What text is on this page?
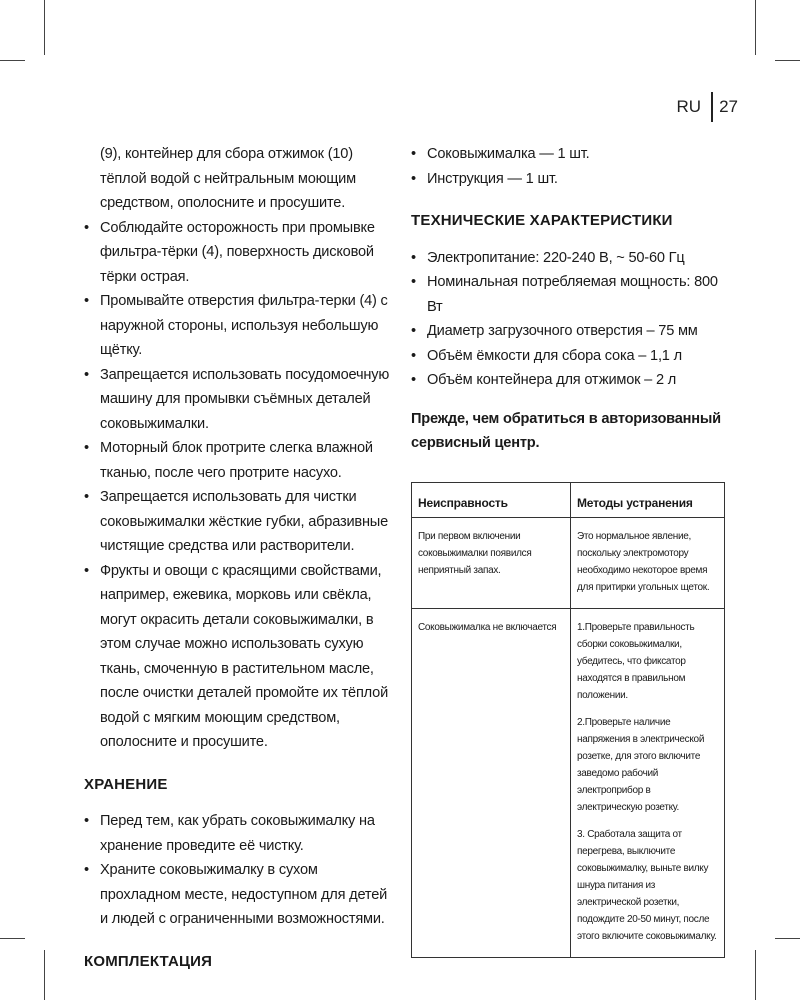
RU 27
(9), контейнер для сбора отжимок (10) тёплой водой с нейтральным моющим средством, ополосните и просушите.
• Соблюдайте осторожность при промывке фильтра-тёрки (4), поверхность дисковой тёрки острая.
• Промывайте отверстия фильтра-терки (4) с наружной стороны, используя небольшую щётку.
• Запрещается использовать посудомоечную машину для промывки съёмных деталей соковыжималки.
• Моторный блок протрите слегка влажной тканью, после чего протрите насухо.
• Запрещается использовать для чистки соковыжималки жёсткие губки, абразивные чистящие средства или растворители.
• Фрукты и овощи с красящими свойствами, например, ежевика, морковь или свёкла, могут окрасить детали соковыжималки, в этом случае можно использовать сухую ткань, смоченную в растительном масле, после очистки деталей промойте их тёплой водой с мягким моющим средством, ополосните и просушите.
ХРАНЕНИЕ
• Перед тем, как убрать соковыжималку на хранение проведите её чистку.
• Храните соковыжималку в сухом прохладном месте, недоступном для детей и людей с ограниченными возможностями.
КОМПЛЕКТАЦИЯ
• Соковыжималка — 1 шт.
• Инструкция — 1 шт.
ТЕХНИЧЕСКИЕ ХАРАКТЕРИСТИКИ
• Электропитание: 220-240 В, ~ 50-60 Гц
• Номинальная потребляемая мощность: 800 Вт
• Диаметр загрузочного отверстия – 75 мм
• Объём ёмкости для сбора сока – 1,1 л
• Объём контейнера для отжимок – 2 л

Прежде, чем обратиться в авторизованный сервисный центр.

Неисправность	Методы устранения
При первом включении соковыжималки появился неприятный запах.	Это нормальное явление, поскольку электромотору необходимо некоторое время для притирки угольных щеток.
Соковыжималка не включается	1.Проверьте правильность сборки соковыжималки, убедитесь, что фиксатор находятся в правильном положении.

2.Проверьте наличие напряжения в электрической розетке, для этого включите заведомо рабочий электроприбор в электрическую розетку.

3. Сработала защита от перегрева, выключите соковыжималку, выньте вилку шнура питания из электрической розетки, подождите 20-50 минут, после этого включите соковыжималку.
